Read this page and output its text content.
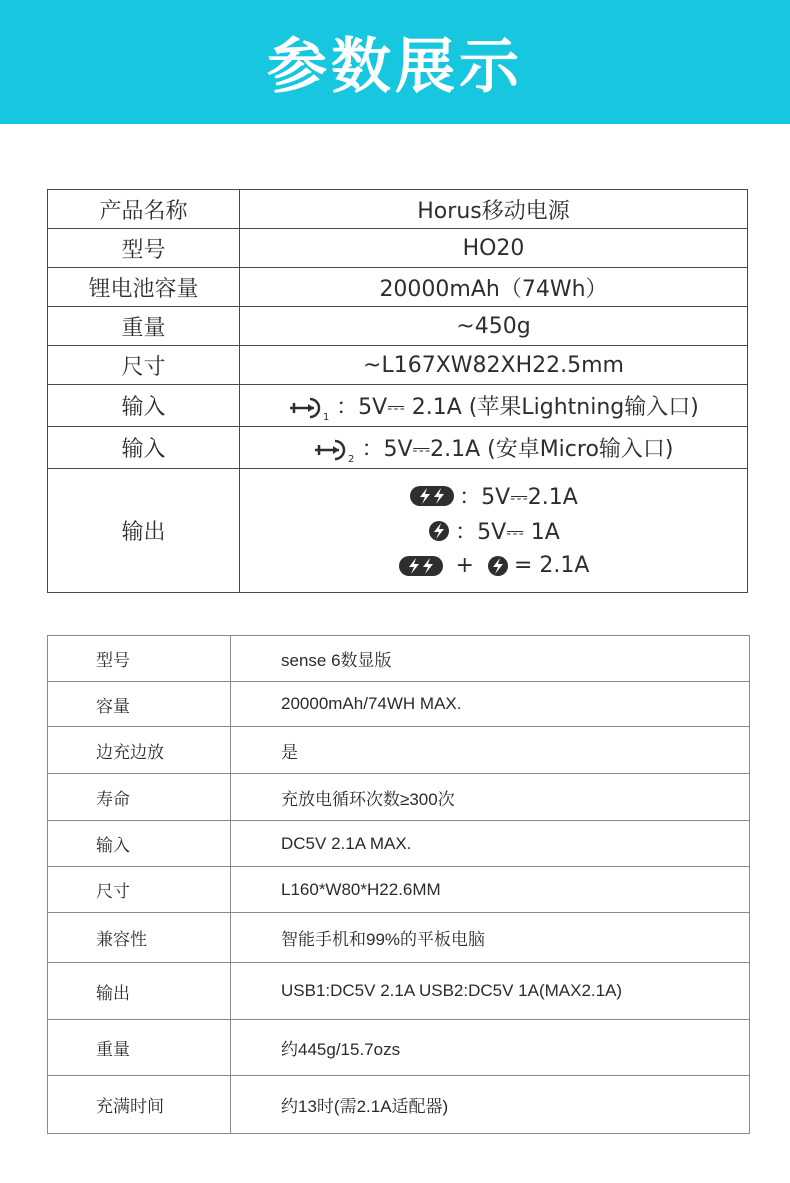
参数展示
产品名称	Horus移动电源
型号	HO20
锂电池容量	20000mAh（74Wh）
重量	~450g
尺寸	~L167XW82XH22.5mm
输入	1 ：5V⎓ 2.1A (苹果Lightning输入口)
输入	2 ：5V⎓2.1A (安卓Micro输入口)
输出	：5V⎓2.1A
：5V⎓ 1A
+ = 2.1A
型号	sense 6数显版
容量	20000mAh/74WH MAX.
边充边放	是
寿命	充放电循环次数≥300次
输入	DC5V 2.1A MAX.
尺寸	L160*W80*H22.6MM
兼容性	智能手机和99%的平板电脑
输出	USB1:DC5V 2.1A USB2:DC5V 1A(MAX2.1A)
重量	约445g/15.7ozs
充满时间	约13时(需2.1A适配器)
